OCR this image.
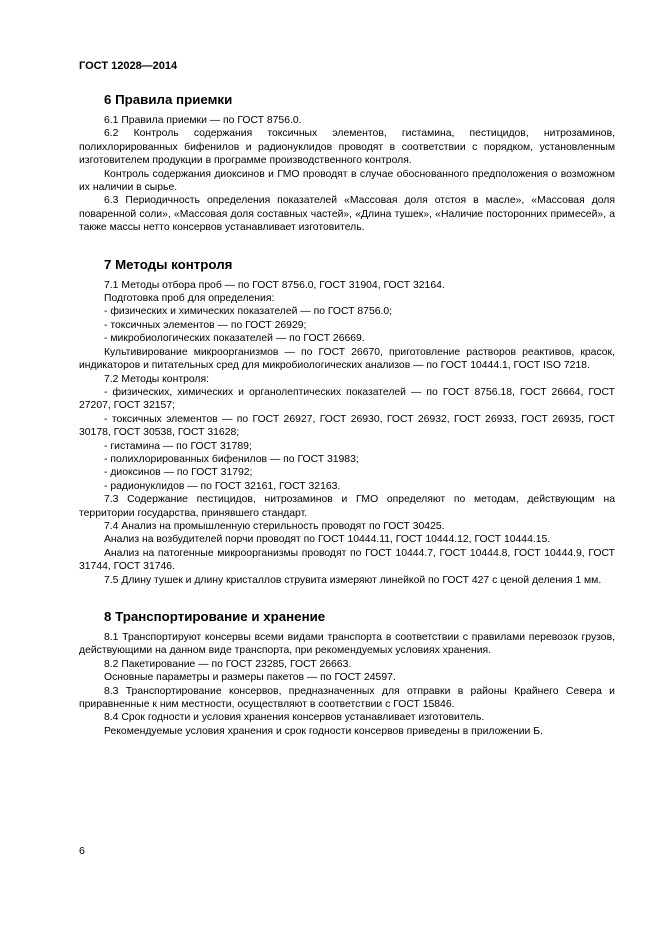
ГОСТ 12028—2014
6 Правила приемки

6.1 Правила приемки — по ГОСТ 8756.0.

6.2 Контроль содержания токсичных элементов, гистамина, пестицидов, нитрозаминов, полихлорированных бифенилов и радионуклидов проводят в соответствии с порядком, установленным изготовителем продукции в программе производственного контроля.

Контроль содержания диоксинов и ГМО проводят в случае обоснованного предположения о возможном их наличии в сырье.

6.3 Периодичность определения показателей «Массовая доля отстоя в масле», «Массовая доля поваренной соли», «Массовая доля составных частей», «Длина тушек», «Наличие посторонних примесей», а также массы нетто консервов устанавливает изготовитель.

7 Методы контроля

7.1 Методы отбора проб — по ГОСТ 8756.0, ГОСТ 31904, ГОСТ 32164.

Подготовка проб для определения:

- физических и химических показателей — по ГОСТ 8756.0;

- токсичных элементов — по ГОСТ 26929;

- микробиологических показателей — по ГОСТ 26669.

Культивирование микроорганизмов — по ГОСТ 26670, приготовление растворов реактивов, красок, индикаторов и питательных сред для микробиологических анализов — по ГОСТ 10444.1, ГОСТ ISO 7218.

7.2 Методы контроля:

- физических, химических и органолептических показателей — по ГОСТ 8756.18, ГОСТ 26664, ГОСТ 27207, ГОСТ 32157;

- токсичных элементов — по ГОСТ 26927, ГОСТ 26930, ГОСТ 26932, ГОСТ 26933, ГОСТ 26935, ГОСТ 30178, ГОСТ 30538, ГОСТ 31628;

- гистамина — по ГОСТ 31789;

- полихлорированных бифенилов — по ГОСТ 31983;

- диоксинов — по ГОСТ 31792;

- радионуклидов — по ГОСТ 32161, ГОСТ 32163.

7.3 Содержание пестицидов, нитрозаминов и ГМО определяют по методам, действующим на территории государства, принявшего стандарт.

7.4 Анализ на промышленную стерильность проводят по ГОСТ 30425.

Анализ на возбудителей порчи проводят по ГОСТ 10444.11, ГОСТ 10444.12, ГОСТ 10444.15.

Анализ на патогенные микроорганизмы проводят по ГОСТ 10444.7, ГОСТ 10444.8, ГОСТ 10444.9, ГОСТ 31744, ГОСТ 31746.

7.5 Длину тушек и длину кристаллов струвита измеряют линейкой по ГОСТ 427 с ценой деления 1 мм.

8 Транспортирование и хранение

8.1 Транспортируют консервы всеми видами транспорта в соответствии с правилами перевозок грузов, действующими на данном виде транспорта, при рекомендуемых условиях хранения.

8.2 Пакетирование — по ГОСТ 23285, ГОСТ 26663.

Основные параметры и размеры пакетов — по ГОСТ 24597.

8.3 Транспортирование консервов, предназначенных для отправки в районы Крайнего Севера и приравненные к ним местности, осуществляют в соответствии с ГОСТ 15846.

8.4 Срок годности и условия хранения консервов устанавливает изготовитель.

Рекомендуемые условия хранения и срок годности консервов приведены в приложении Б.

6
